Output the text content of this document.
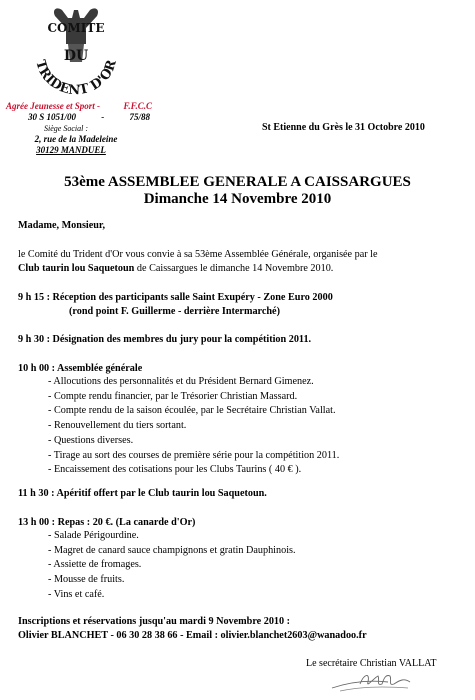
COMITE
DU
TRIDENT D'OR
Agrée Jeunesse et Sport -	F.F.C.C
30 S 1051/00	-	75/88
Siège Social :
2, rue de la Madeleine
30129 MANDUEL
St Etienne du Grès le 31 Octobre 2010
53ème ASSEMBLEE GENERALE A CAISSARGUES
Dimanche 14 Novembre 2010
Madame, Monsieur,
le Comité du Trident d'Or vous convie à sa 53ème Assemblée Générale, organisée par le
Club taurin lou Saquetoun de Caissargues le dimanche 14 Novembre 2010.
9 h 15 : Réception des participants salle Saint Exupéry - Zone Euro 2000
(rond point F. Guillerme - derrière Intermarché)
9 h 30 : Désignation des membres du jury pour la compétition 2011.
10 h 00 : Assemblée générale
- Allocutions des personnalités et du Président Bernard Gimenez.
- Compte rendu financier, par le Trésorier Christian Massard.
- Compte rendu de la saison écoulée, par le Secrétaire Christian Vallat.
- Renouvellement du tiers sortant.
- Questions diverses.
- Tirage au sort des courses de première série pour la compétition 2011.
- Encaissement des cotisations pour les Clubs Taurins ( 40 € ).
11 h 30 : Apéritif offert par le Club taurin lou Saquetoun.
13 h 00 : Repas : 20 €. (La canarde d'Or)
- Salade Périgourdine.
- Magret de canard sauce champignons et gratin Dauphinois.
- Assiette de fromages.
- Mousse de fruits.
- Vins et café.
Inscriptions et réservations jusqu'au mardi 9 Novembre 2010 :
Olivier BLANCHET - 06 30 28 38 66 - Email : olivier.blanchet2603@wanadoo.fr
Le secrétaire Christian VALLAT
